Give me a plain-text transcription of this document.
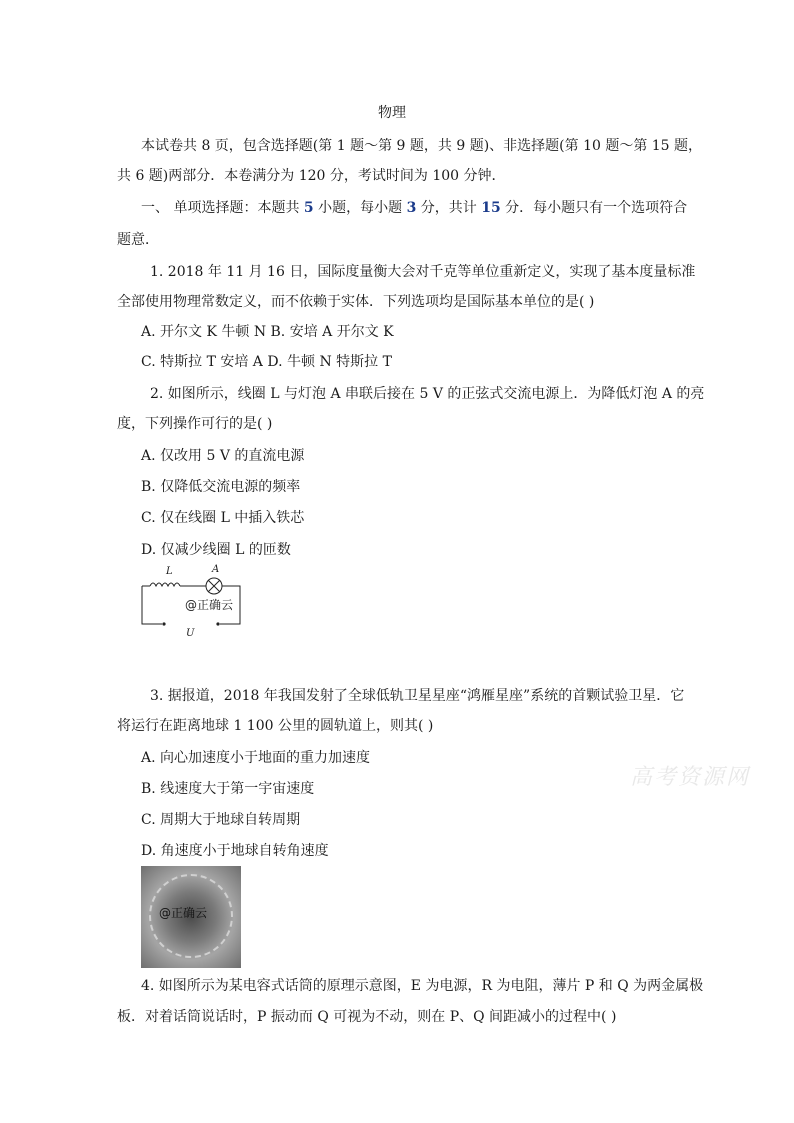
物理
本试卷共 8 页，包含选择题(第 1 题～第 9 题，共 9 题)、非选择题(第 10 题～第 15 题，
共 6 题)两部分．本卷满分为 120 分，考试时间为 100 分钟．
一、 单项选择题：本题共 5 小题，每小题 3 分，共计 15 分．每小题只有一个选项符合
题意．
1. 2018 年 11 月 16 日，国际度量衡大会对千克等单位重新定义，实现了基本度量标准
全部使用物理常数定义，而不依赖于实体．下列选项均是国际基本单位的是( )
A. 开尔文 K 牛顿 N B. 安培 A 开尔文 K
C. 特斯拉 T 安培 A D. 牛顿 N 特斯拉 T
2. 如图所示，线圈 L 与灯泡 A 串联后接在 5 V 的正弦式交流电源上．为降低灯泡 A 的亮
度，下列操作可行的是( )
A. 仅改用 5 V 的直流电源
B. 仅降低交流电源的频率
C. 仅在线圈 L 中插入铁芯
D. 仅减少线圈 L 的匝数
L	A
U
@正确云
3. 据报道，2018 年我国发射了全球低轨卫星星座“鸿雁星座”系统的首颗试验卫星．它
将运行在距离地球 1 100 公里的圆轨道上，则其( )
A. 向心加速度小于地面的重力加速度
B. 线速度大于第一宇宙速度
C. 周期大于地球自转周期
D. 角速度小于地球自转角速度
@正确云
高考资源网
4. 如图所示为某电容式话筒的原理示意图，E 为电源，R 为电阻，薄片 P 和 Q 为两金属极
板．对着话筒说话时，P 振动而 Q 可视为不动，则在 P、Q 间距减小的过程中( )
